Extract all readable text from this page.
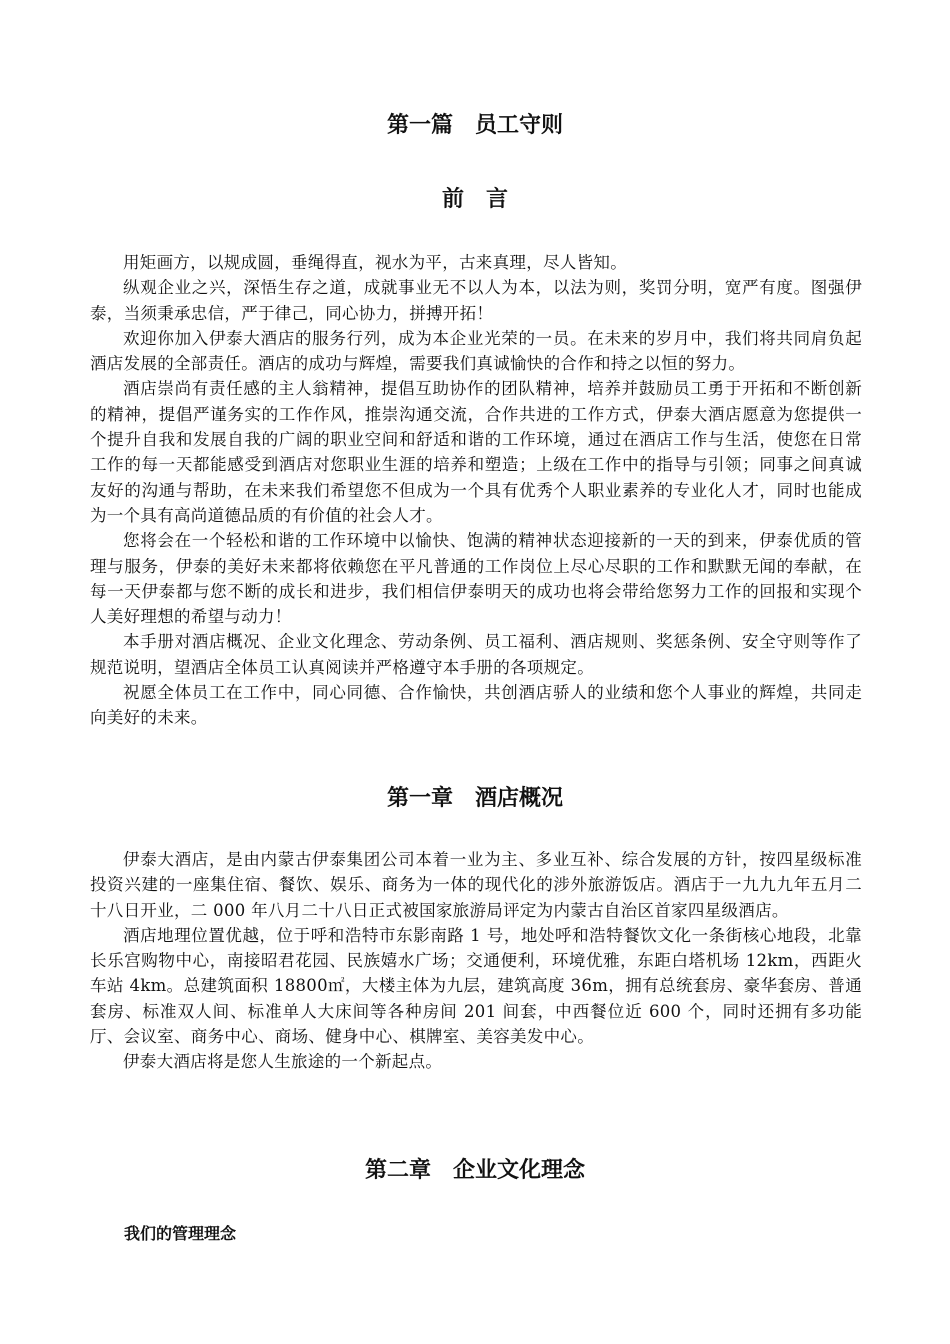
第一篇　员工守则
前　言

用矩画方，以规成圆，垂绳得直，视水为平，古来真理，尽人皆知。

纵观企业之兴，深悟生存之道，成就事业无不以人为本，以法为则，奖罚分明，宽严有度。图强伊泰，当须秉承忠信，严于律己，同心协力，拼搏开拓！

欢迎你加入伊泰大酒店的服务行列，成为本企业光荣的一员。在未来的岁月中，我们将共同肩负起酒店发展的全部责任。酒店的成功与辉煌，需要我们真诚愉快的合作和持之以恒的努力。

酒店崇尚有责任感的主人翁精神，提倡互助协作的团队精神，培养并鼓励员工勇于开拓和不断创新的精神，提倡严谨务实的工作作风，推崇沟通交流，合作共进的工作方式，伊泰大酒店愿意为您提供一个提升自我和发展自我的广阔的职业空间和舒适和谐的工作环境，通过在酒店工作与生活，使您在日常工作的每一天都能感受到酒店对您职业生涯的培养和塑造；上级在工作中的指导与引领；同事之间真诚友好的沟通与帮助，在未来我们希望您不但成为一个具有优秀个人职业素养的专业化人才，同时也能成为一个具有高尚道德品质的有价值的社会人才。

您将会在一个轻松和谐的工作环境中以愉快、饱满的精神状态迎接新的一天的到来，伊泰优质的管理与服务，伊泰的美好未来都将依赖您在平凡普通的工作岗位上尽心尽职的工作和默默无闻的奉献，在每一天伊泰都与您不断的成长和进步，我们相信伊泰明天的成功也将会带给您努力工作的回报和实现个人美好理想的希望与动力！

本手册对酒店概况、企业文化理念、劳动条例、员工福利、酒店规则、奖惩条例、安全守则等作了规范说明，望酒店全体员工认真阅读并严格遵守本手册的各项规定。

祝愿全体员工在工作中，同心同德、合作愉快，共创酒店骄人的业绩和您个人事业的辉煌，共同走向美好的未来。

第一章　酒店概况

伊泰大酒店，是由内蒙古伊泰集团公司本着一业为主、多业互补、综合发展的方针，按四星级标准投资兴建的一座集住宿、餐饮、娱乐、商务为一体的现代化的涉外旅游饭店。酒店于一九九九年五月二十八日开业，二 000 年八月二十八日正式被国家旅游局评定为内蒙古自治区首家四星级酒店。

酒店地理位置优越，位于呼和浩特市东影南路 1 号，地处呼和浩特餐饮文化一条街核心地段，北靠长乐宫购物中心，南接昭君花园、民族嬉水广场；交通便利，环境优雅，东距白塔机场 12km，西距火车站 4km。总建筑面积 18800㎡，大楼主体为九层，建筑高度 36m，拥有总统套房、豪华套房、普通套房、标准双人间、标准单人大床间等各种房间 201 间套，中西餐位近 600 个，同时还拥有多功能厅、会议室、商务中心、商场、健身中心、棋牌室、美容美发中心。

伊泰大酒店将是您人生旅途的一个新起点。

第二章　企业文化理念
我们的管理理念
